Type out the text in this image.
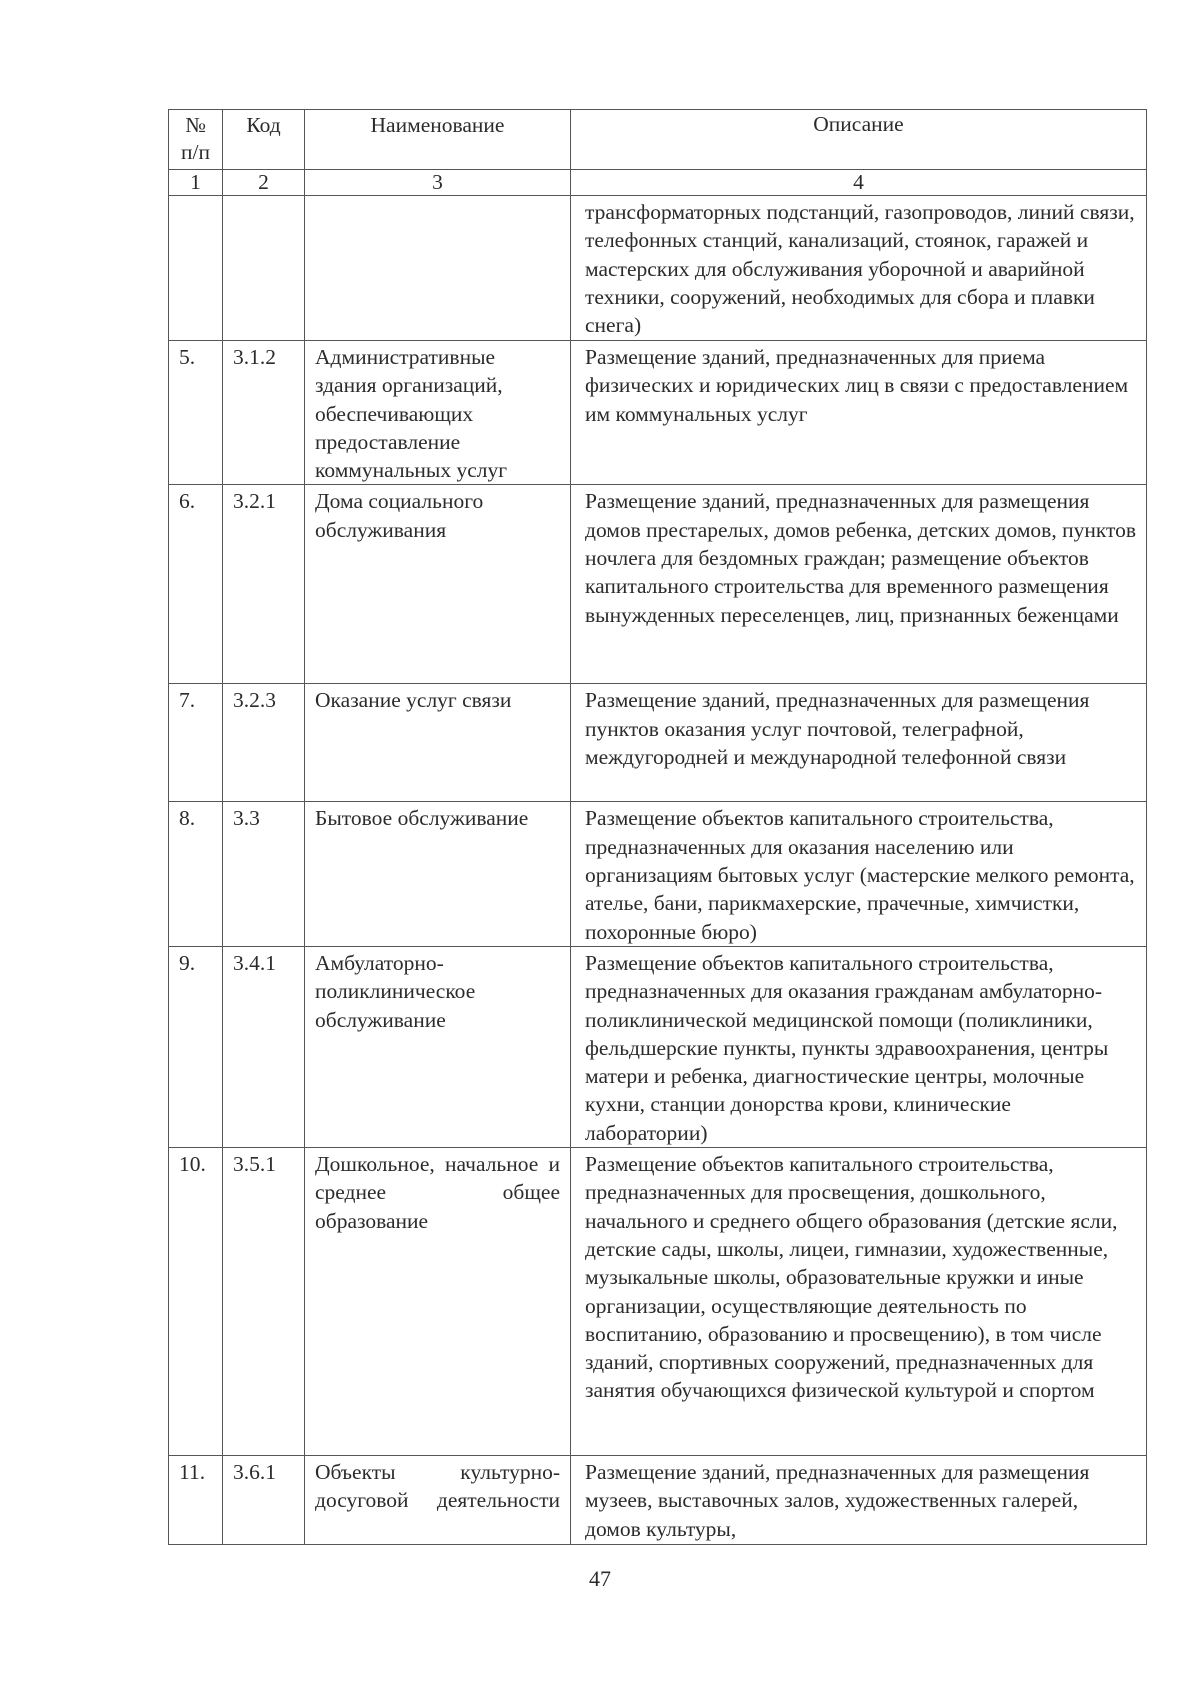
№ п/п	Код	Наименование	Описание
1	2	3	4
			трансформаторных подстанций, газопроводов, линий связи, телефонных станций, канализаций, стоянок, гаражей и мастерских для обслуживания уборочной и аварийной техники, сооружений, необходимых для сбора и плавки снега)
5.	3.1.2	Административные здания организаций, обеспечивающих предоставление коммунальных услуг	Размещение зданий, предназначенных для приема физических и юридических лиц в связи с предоставлением им коммунальных услуг
6.	3.2.1	Дома социального обслуживания	Размещение зданий, предназначенных для размещения домов престарелых, домов ребенка, детских домов, пунктов ночлега для бездомных граждан; размещение объектов капитального строительства для временного размещения вынужденных переселенцев, лиц, признанных беженцами
7.	3.2.3	Оказание услуг связи	Размещение зданий, предназначенных для размещения пунктов оказания услуг почтовой, телеграфной, междугородней и международной телефонной связи
8.	3.3	Бытовое обслуживание	Размещение объектов капитального строительства, предназначенных для оказания населению или организациям бытовых услуг (мастерские мелкого ремонта, ателье, бани, парикмахерские, прачечные, химчистки, похоронные бюро)
9.	3.4.1	Амбулаторно-поликлиническое обслуживание	Размещение объектов капитального строительства, предназначенных для оказания гражданам амбулаторно-поликлинической медицинской помощи (поликлиники, фельдшерские пункты, пункты здравоохранения, центры матери и ребенка, диагностические центры, молочные кухни, станции донорства крови, клинические лаборатории)
10.	3.5.1	Дошкольное, начальное и среднее общее образование	Размещение объектов капитального строительства, предназначенных для просвещения, дошкольного, начального и среднего общего образования (детские ясли, детские сады, школы, лицеи, гимназии, художественные, музыкальные школы, образовательные кружки и иные организации, осуществляющие деятельность по воспитанию, образованию и просвещению), в том числе зданий, спортивных сооружений, предназначенных для занятия обучающихся физической культурой и спортом
11.	3.6.1	Объекты культурно-досуговой деятельности	Размещение зданий, предназначенных для размещения музеев, выставочных залов, художественных галерей, домов культуры,
47
